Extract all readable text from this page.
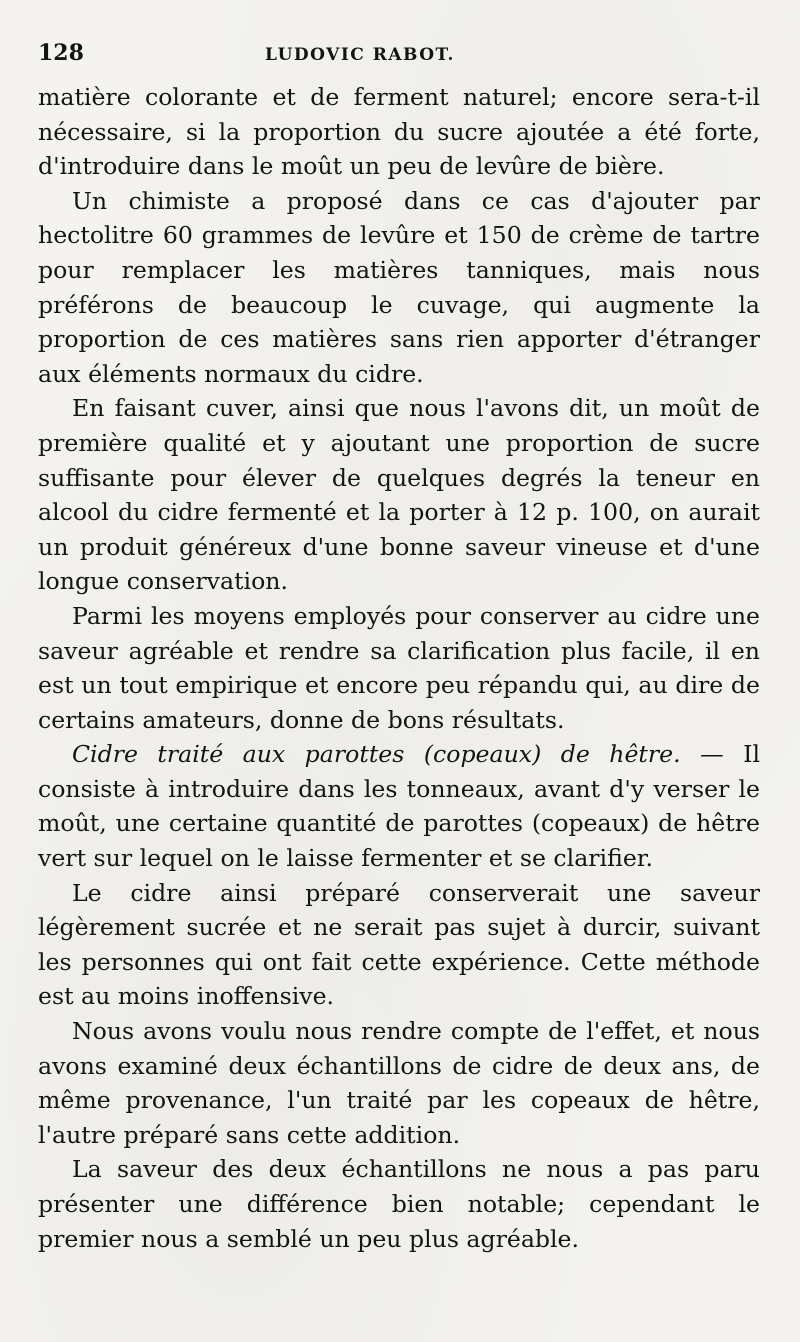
128	LUDOVIC RABOT.

matière colorante et de ferment naturel; encore sera-t-il nécessaire, si la proportion du sucre ajoutée a été forte, d'introduire dans le moût un peu de levûre de bière.

Un chimiste a proposé dans ce cas d'ajouter par hectolitre 60 grammes de levûre et 150 de crème de tartre pour remplacer les matières tanniques, mais nous préférons de beaucoup le cuvage, qui augmente la proportion de ces matières sans rien apporter d'étranger aux éléments normaux du cidre.

En faisant cuver, ainsi que nous l'avons dit, un moût de première qualité et y ajoutant une proportion de sucre suffisante pour élever de quelques degrés la teneur en alcool du cidre fermenté et la porter à 12 p. 100, on aurait un produit généreux d'une bonne saveur vineuse et d'une longue conservation.

Parmi les moyens employés pour conserver au cidre une saveur agréable et rendre sa clarification plus facile, il en est un tout empirique et encore peu répandu qui, au dire de certains amateurs, donne de bons résultats.

Cidre traité aux parottes (copeaux) de hêtre. — Il consiste à introduire dans les tonneaux, avant d'y verser le moût, une certaine quantité de parottes (copeaux) de hêtre vert sur lequel on le laisse fermenter et se clarifier.

Le cidre ainsi préparé conserverait une saveur légèrement sucrée et ne serait pas sujet à durcir, suivant les personnes qui ont fait cette expérience. Cette méthode est au moins inoffensive.

Nous avons voulu nous rendre compte de l'effet, et nous avons examiné deux échantillons de cidre de deux ans, de même provenance, l'un traité par les copeaux de hêtre, l'autre préparé sans cette addition.

La saveur des deux échantillons ne nous a pas paru présenter une différence bien notable; cependant le premier nous a semblé un peu plus agréable.
